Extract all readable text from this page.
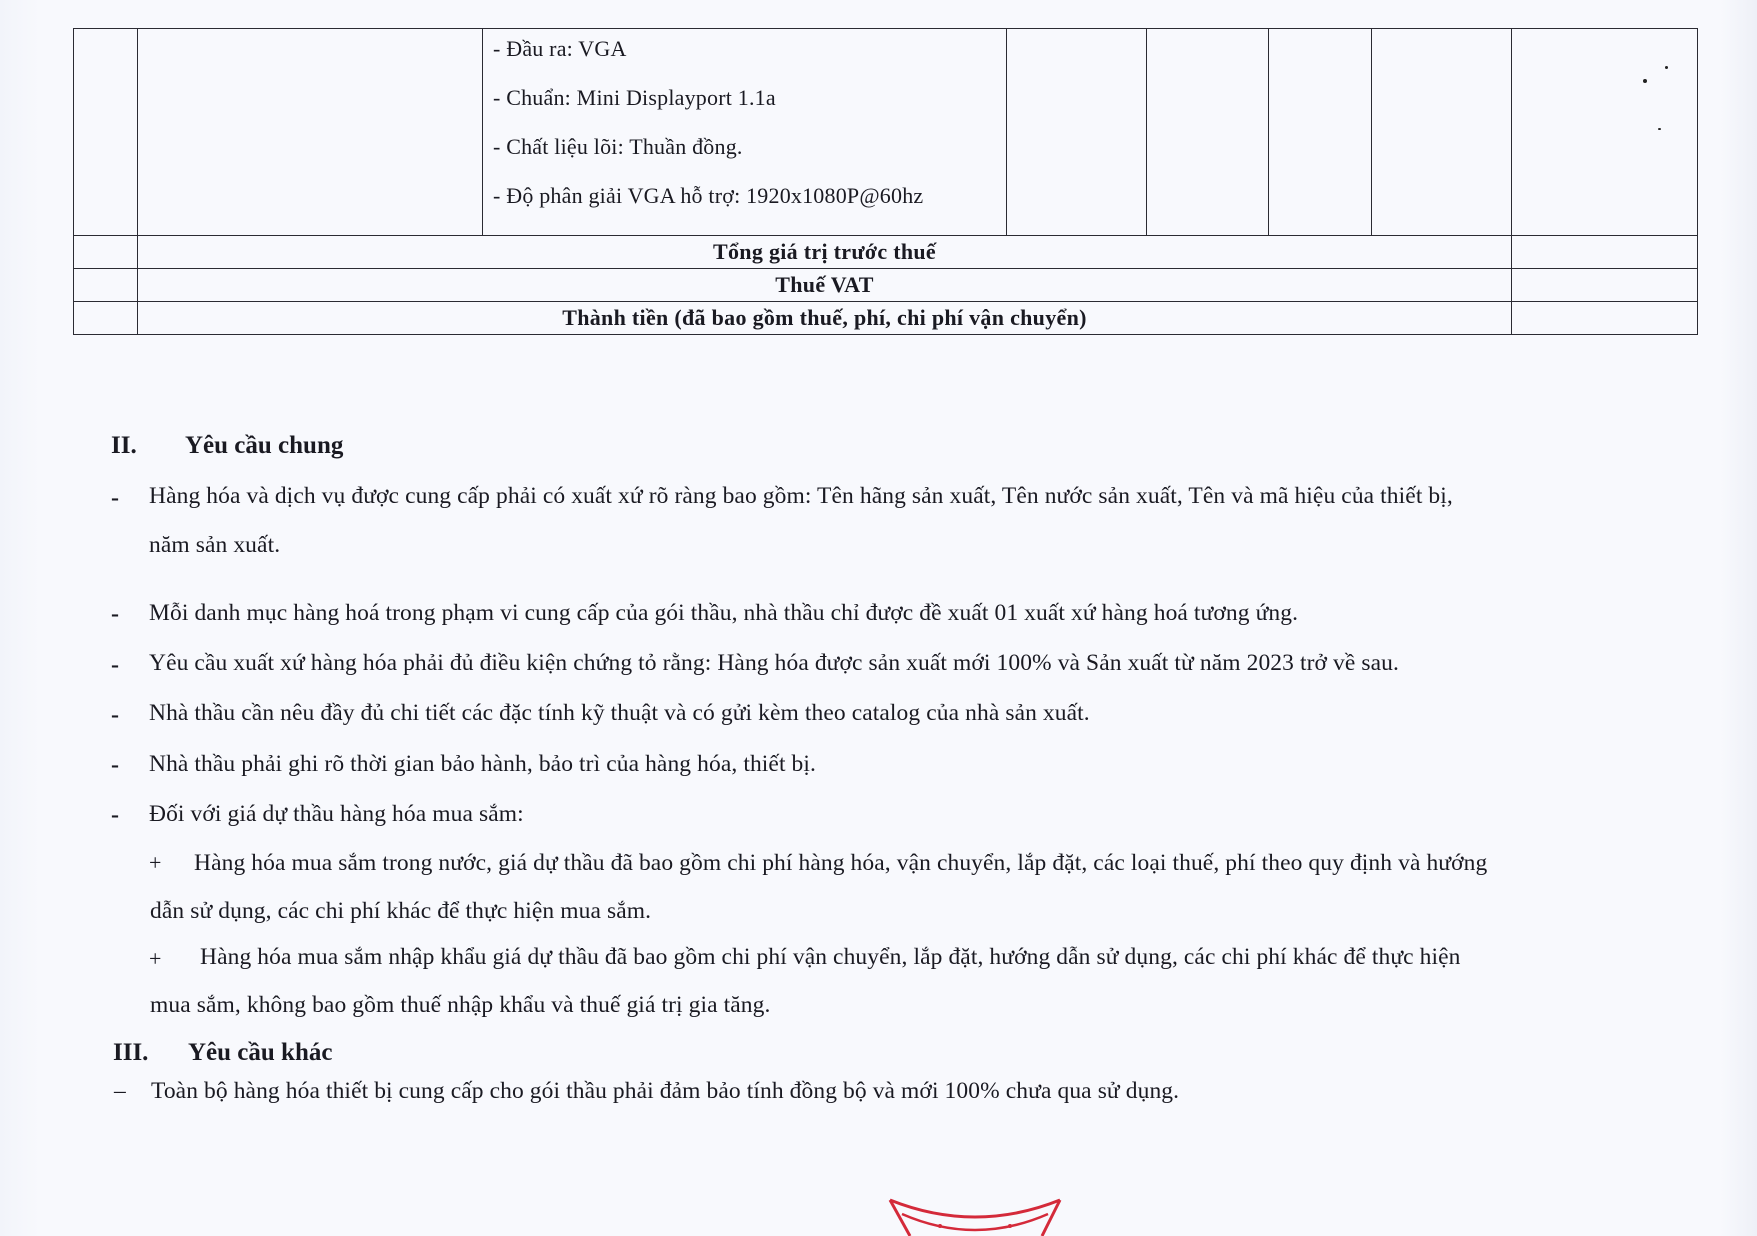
		- Đầu ra: VGA
- Chuẩn: Mini Displayport 1.1a
- Chất liệu lõi: Thuần đồng.
- Độ phân giải VGA hỗ trợ: 1920x1080P@60hz					

	Tổng giá trị trước thuế						
	Thuế VAT						
	Thành tiền (đã bao gồm thuế, phí, chi phí vận chuyển)						
II. Yêu cầu chung
- Hàng hóa và dịch vụ được cung cấp phải có xuất xứ rõ ràng bao gồm: Tên hãng sản xuất, Tên nước sản xuất, Tên và mã hiệu của thiết bị,
năm sản xuất.
- Mỗi danh mục hàng hoá trong phạm vi cung cấp của gói thầu, nhà thầu chỉ được đề xuất 01 xuất xứ hàng hoá tương ứng.
- Yêu cầu xuất xứ hàng hóa phải đủ điều kiện chứng tỏ rằng: Hàng hóa được sản xuất mới 100% và Sản xuất từ năm 2023 trở về sau.
- Nhà thầu cần nêu đầy đủ chi tiết các đặc tính kỹ thuật và có gửi kèm theo catalog của nhà sản xuất.
- Nhà thầu phải ghi rõ thời gian bảo hành, bảo trì của hàng hóa, thiết bị.
- Đối với giá dự thầu hàng hóa mua sắm:
+ Hàng hóa mua sắm trong nước, giá dự thầu đã bao gồm chi phí hàng hóa, vận chuyển, lắp đặt, các loại thuế, phí theo quy định và hướng
dẫn sử dụng, các chi phí khác để thực hiện mua sắm.
+ Hàng hóa mua sắm nhập khẩu giá dự thầu đã bao gồm chi phí vận chuyển, lắp đặt, hướng dẫn sử dụng, các chi phí khác để thực hiện
mua sắm, không bao gồm thuế nhập khẩu và thuế giá trị gia tăng.
III. Yêu cầu khác
– Toàn bộ hàng hóa thiết bị cung cấp cho gói thầu phải đảm bảo tính đồng bộ và mới 100% chưa qua sử dụng.
